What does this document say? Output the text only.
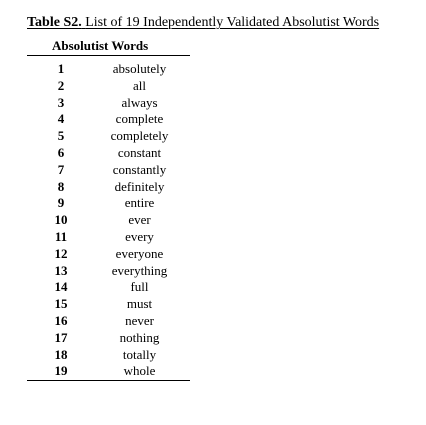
Table S2. List of 19 Independently Validated Absolutist Words
Absolutist Words
1	absolutely
2	all
3	always
4	complete
5	completely
6	constant
7	constantly
8	definitely
9	entire
10	ever
11	every
12	everyone
13	everything
14	full
15	must
16	never
17	nothing
18	totally
19	whole
